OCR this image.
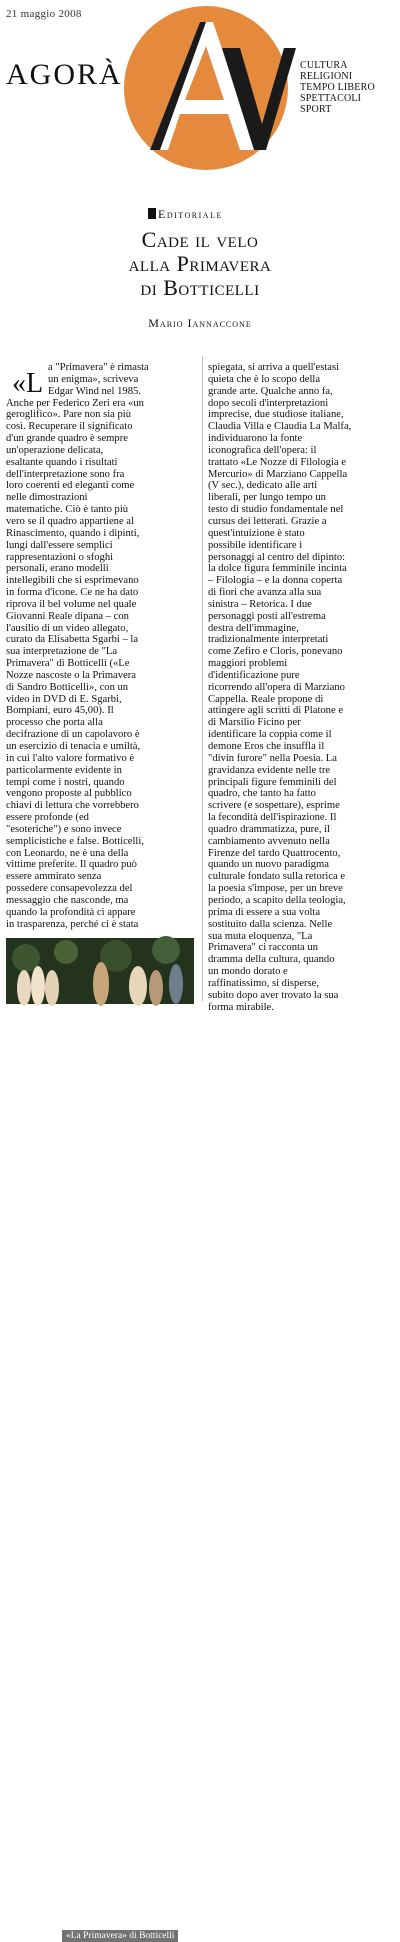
21 maggio 2008
AGORÀ	CULTURA
RELIGIONI
TEMPO LIBERO
SPETTACOLI
SPORT
Editoriale
Cade il velo
alla Primavera
di Botticelli
Mario Iannaccone
«L
a "Primavera" è rimasta
un enigma», scriveva
Edgar Wind nel 1985.
Anche per Federico Zeri era «un
geroglifico». Pare non sia più
così. Recuperare il significato
d'un grande quadro è sempre
un'operazione delicata,
esaltante quando i risultati
dell'interpretazione sono fra
loro coerenti ed eleganti come
nelle dimostrazioni
matematiche. Ciò è tanto più
vero se il quadro appartiene al
Rinascimento, quando i dipinti,
lungi dall'essere semplici
rappresentazioni o sfoghi
personali, erano modelli
intellegibili che si esprimevano
in forma d'icone. Ce ne ha dato
riprova il bel volume nel quale
Giovanni Reale dipana – con
l'ausilio di un video allegato,
curato da Elisabetta Sgarbi – la
sua interpretazione de "La
Primavera" di Botticelli («Le
Nozze nascoste o la Primavera
di Sandro Botticelli», con un
video in DVD di E. Sgarbi,
Bompiani, euro 45,00). Il
processo che porta alla
decifrazione di un capolavoro è
un esercizio di tenacia e umiltà,
in cui l'alto valore formativo è
particolarmente evidente in
tempi come i nostri, quando
vengono proposte al pubblico
chiavi di lettura che vorrebbero
essere profonde (ed
"esoteriche") e sono invece
semplicistiche e false. Botticelli,
con Leonardo, ne è una della
vittime preferite. Il quadro può
essere ammirato senza
possedere consapevolezza del
messaggio che nasconde, ma
quando la profondità ci appare
in trasparenza, perché ci è stata
spiegata, si arriva a quell'estasi
quieta che è lo scopo della
grande arte. Qualche anno fa,
dopo secoli d'interpretazioni
imprecise, due studiose italiane,
Claudia Villa e Claudia La Malfa,
individuarono la fonte
iconografica dell'opera: il
trattato «Le Nozze di Filologia e
Mercurio» di Marziano Cappella
(V sec.), dedicato alle arti
liberali, per lungo tempo un
testo di studio fondamentale nel
cursus dei letterati. Grazie a
quest'intuizione è stato
possibile identificare i
personaggi al centro del dipinto:
la dolce figura femminile incinta
– Filologia – e la donna coperta
di fiori che avanza alla sua
sinistra – Retorica. I due
personaggi posti all'estrema
destra dell'immagine,
tradizionalmente interpretati
come Zefiro e Cloris, ponevano
maggiori problemi
d'identificazione pure
ricorrendo all'opera di Marziano
Cappella. Reale propone di
attingere agli scritti di Platone e
di Marsilio Ficino per
identificare la coppia come il
demone Eros che insuffla il
"divin furore" nella Poesia. La
gravidanza evidente nelle tre
principali figure femminili del
quadro, che tanto ha fatto
scrivere (e sospettare), esprime
la fecondità dell'ispirazione. Il
quadro drammatizza, pure, il
cambiamento avvenuto nella
Firenze del tardo Quattrocento,
quando un nuovo paradigma
culturale fondato sulla retorica e
la poesia s'impose, per un breve
periodo, a scapito della teologia,
prima di essere a sua volta
sostituito dalla scienza. Nelle
sua muta eloquenza, "La
Primavera" ci racconta un
dramma della cultura, quando
un mondo dorato e
raffinatissimo, si disperse,
subito dopo aver trovato la sua
forma mirabile.
«La Primavera» di Botticelli
